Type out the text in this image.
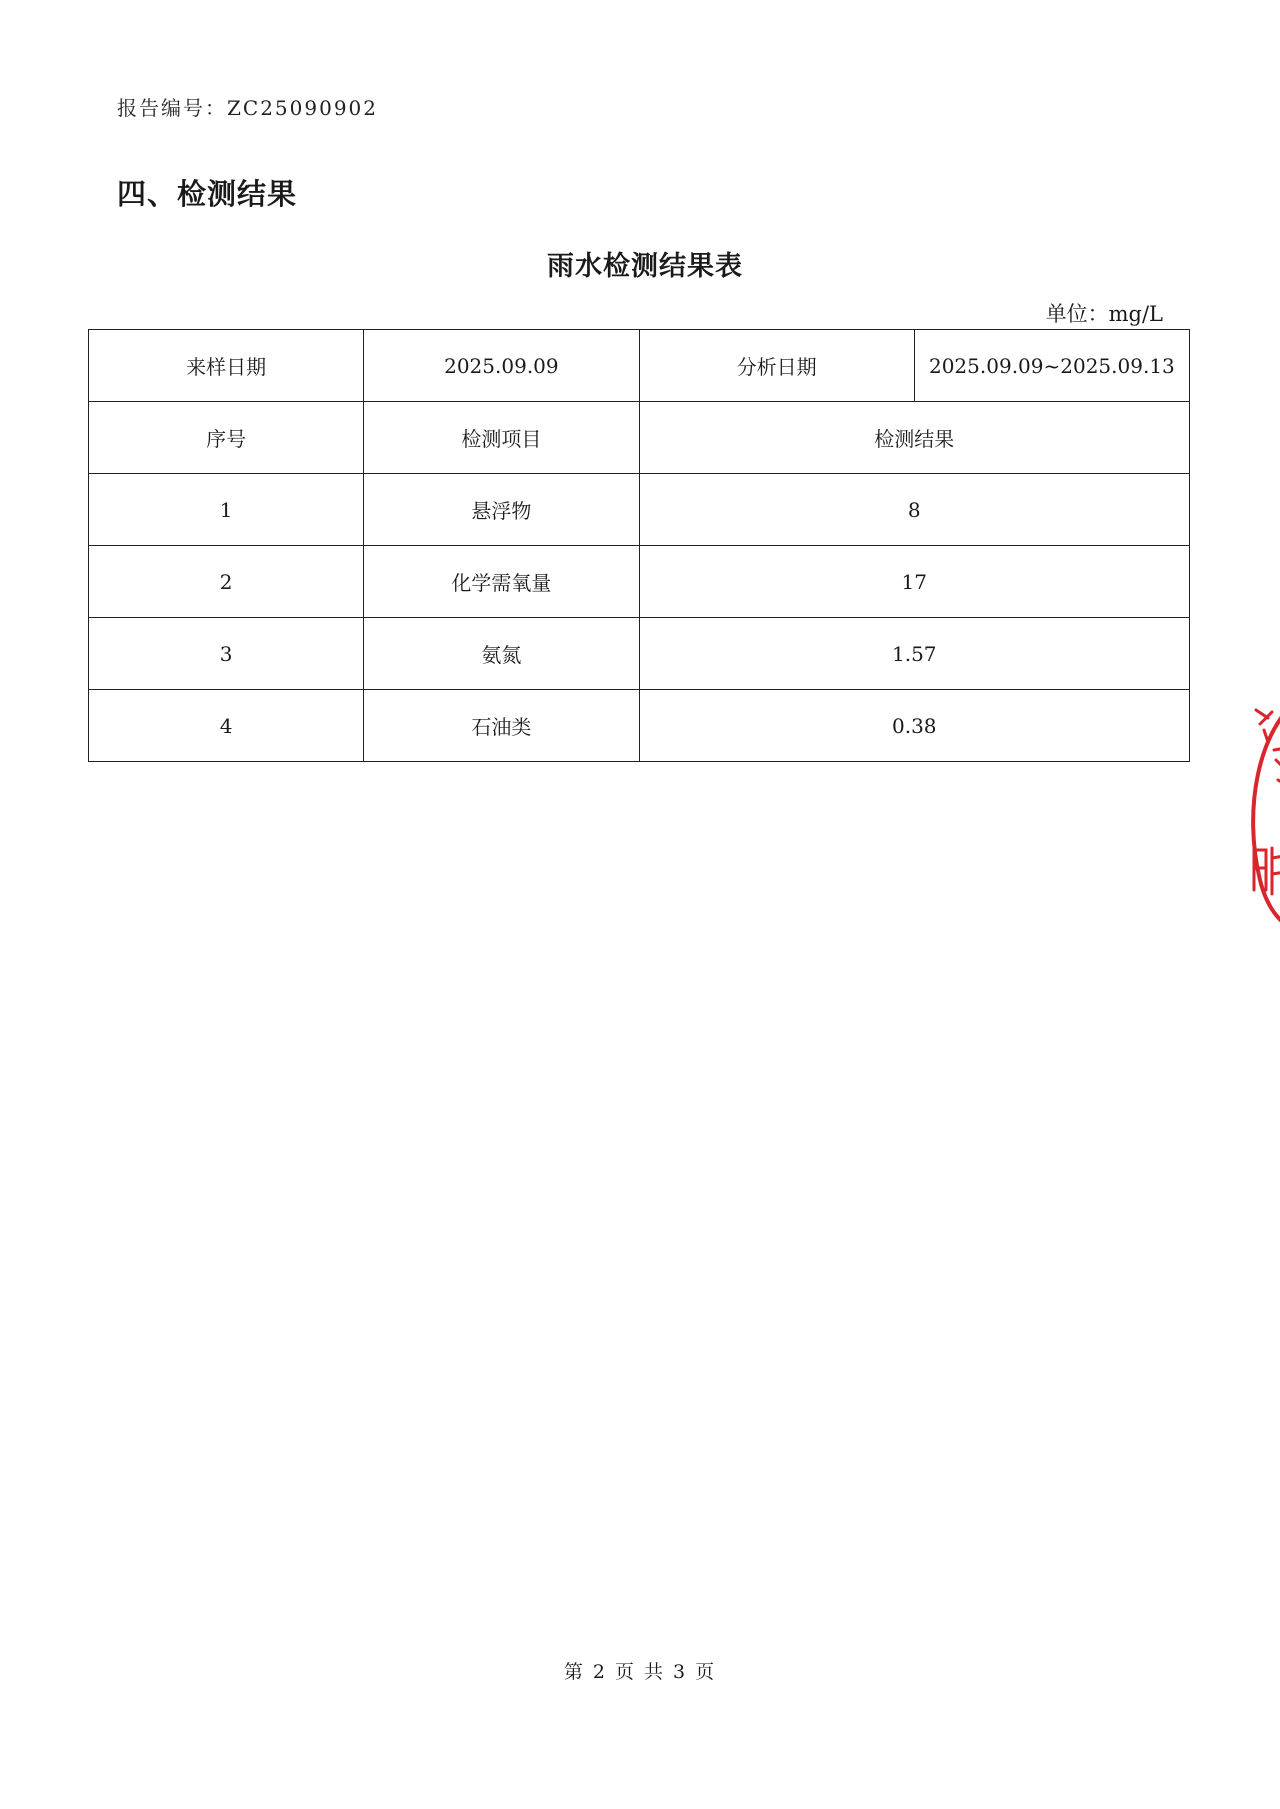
报告编号：ZC25090902
四、检测结果
雨水检测结果表
单位：mg/L
来样日期	2025.09.09	分析日期	2025.09.09~2025.09.13
序号	检测项目	检测结果	
1	悬浮物	8	
2	化学需氧量	17	
3	氨氮	1.57	
4	石油类	0.38	
第 2 页 共 3 页
